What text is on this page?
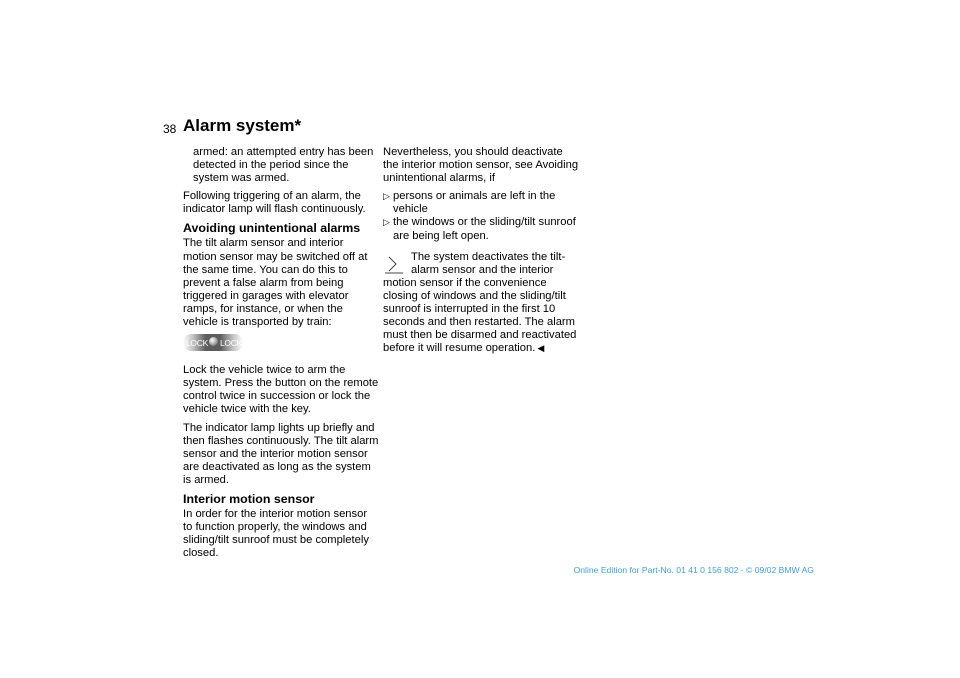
38 Alarm system*

armed: an attempted entry has been detected in the period since the system was armed.

Following triggering of an alarm, the indicator lamp will flash continuously.

Avoiding unintentional alarms

The tilt alarm sensor and interior motion sensor may be switched off at the same time. You can do this to prevent a false alarm from being triggered in garages with elevator ramps, for instance, or when the vehicle is transported by train:

LOCK LOCK

Lock the vehicle twice to arm the system. Press the button on the remote control twice in succession or lock the vehicle twice with the key.

The indicator lamp lights up briefly and then flashes continuously. The tilt alarm sensor and the interior motion sensor are deactivated as long as the system is armed.

Interior motion sensor

In order for the interior motion sensor to function properly, the windows and sliding/tilt sunroof must be completely closed.

Nevertheless, you should deactivate the interior motion sensor, see Avoiding unintentional alarms, if

▷ persons or animals are left in the vehicle
▷ the windows or the sliding/tilt sunroof are being left open.
The system deactivates the tilt-alarm sensor and the interior motion sensor if the convenience closing of windows and the sliding/tilt sunroof is interrupted in the first 10 seconds and then restarted. The alarm must then be disarmed and reactivated before it will resume operation. ◀
Online Edition for Part-No. 01 41 0 156 802 - © 09/02 BMW AG
